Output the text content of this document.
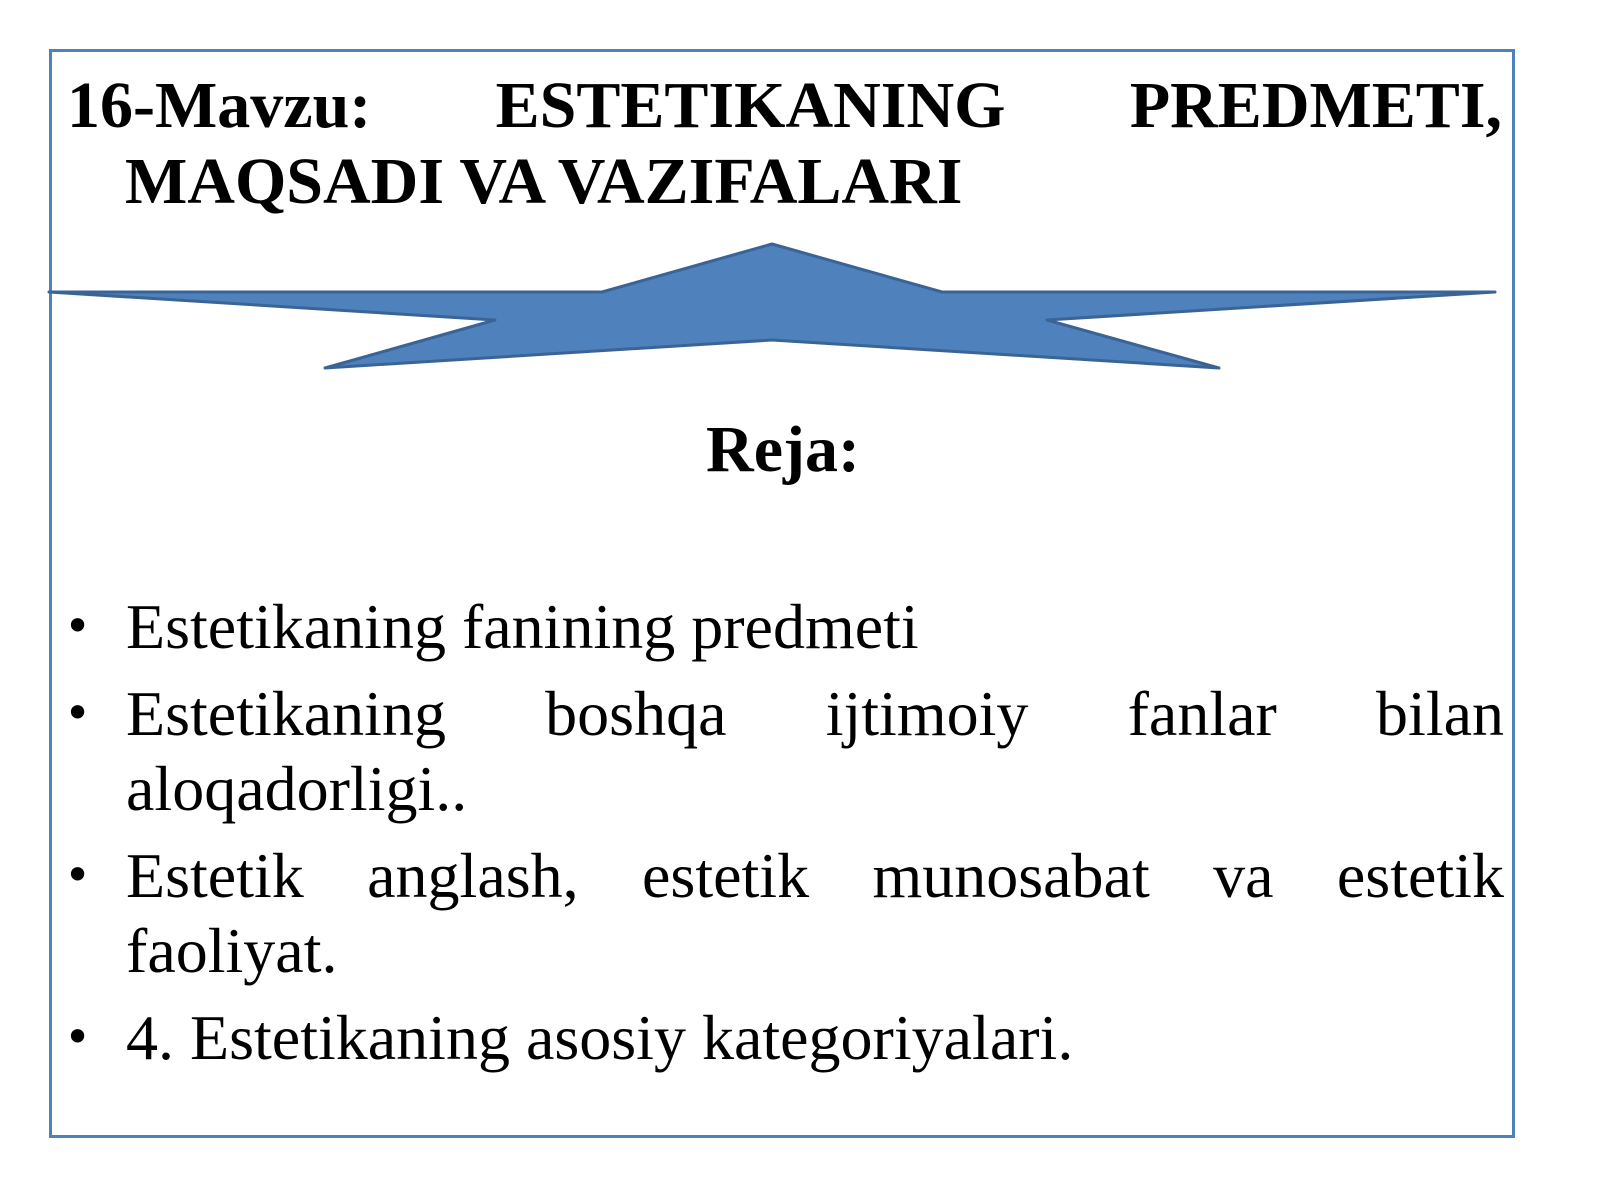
16-Mavzu: ESTETIKANING PREDMETI,
MAQSADI VA VAZIFALARI
Reja:
• Estetikaning fanining predmeti
• Estetikaning boshqa ijtimoiy fanlar bilan
aloqadorligi..
• Estetik anglash, estetik munosabat va estetik
faoliyat.
• 4. Estetikaning asosiy kategoriyalari.
